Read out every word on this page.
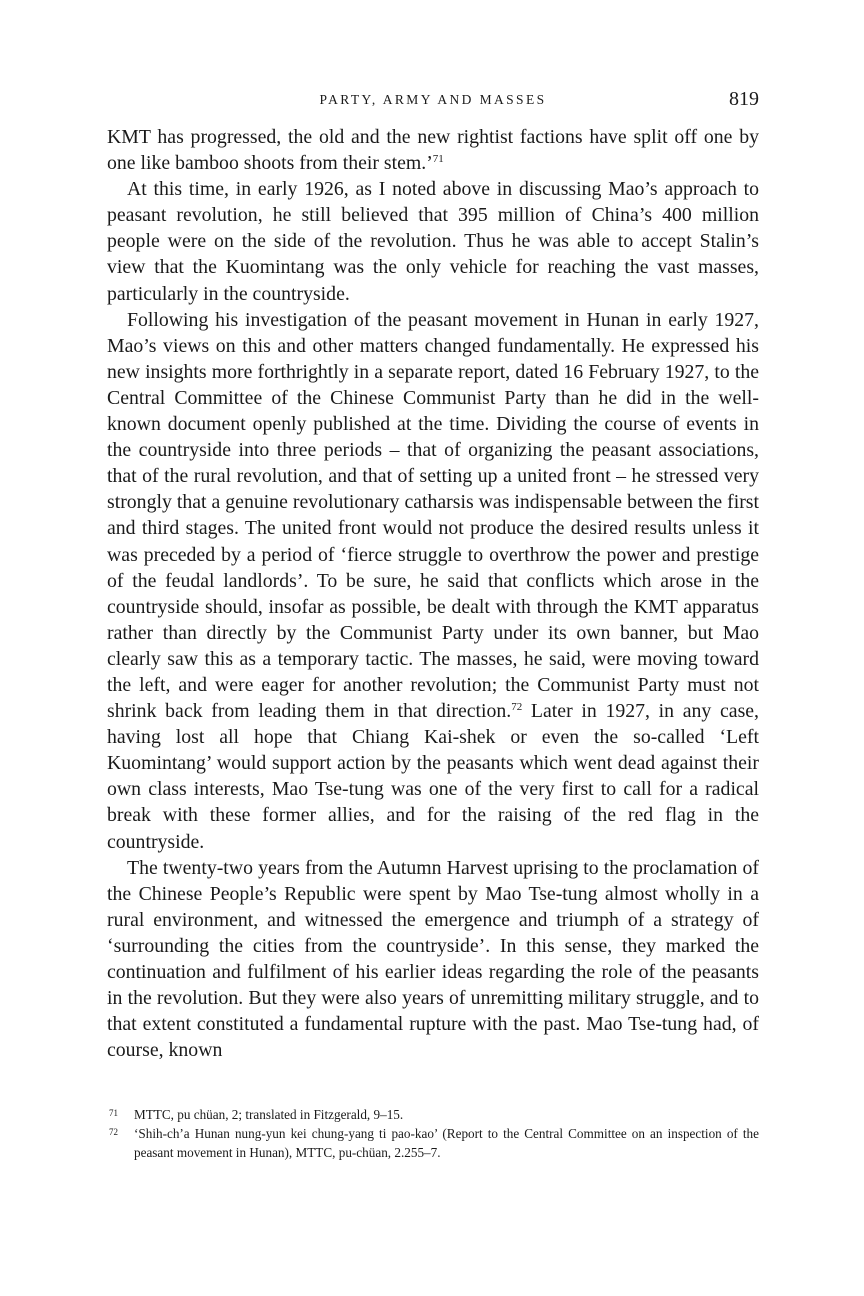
PARTY, ARMY AND MASSES	819

KMT has progressed, the old and the new rightist factions have split off one by one like bamboo shoots from their stem.’$^{71}$

At this time, in early 1926, as I noted above in discussing Mao’s approach to peasant revolution, he still believed that 395 million of China’s 400 million people were on the side of the revolution. Thus he was able to accept Stalin’s view that the Kuomintang was the only vehicle for reaching the vast masses, particularly in the countryside.

Following his investigation of the peasant movement in Hunan in early 1927, Mao’s views on this and other matters changed fundamentally. He expressed his new insights more forthrightly in a separate report, dated 16 February 1927, to the Central Committee of the Chinese Communist Party than he did in the well-known document openly published at the time. Dividing the course of events in the countryside into three periods – that of organizing the peasant associations, that of the rural revolution, and that of setting up a united front – he stressed very strongly that a genuine revolutionary catharsis was indispensable between the first and third stages. The united front would not produce the desired results unless it was preceded by a period of ‘fierce struggle to overthrow the power and prestige of the feudal landlords’. To be sure, he said that conflicts which arose in the countryside should, insofar as possible, be dealt with through the KMT apparatus rather than directly by the Communist Party under its own banner, but Mao clearly saw this as a temporary tactic. The masses, he said, were moving toward the left, and were eager for another revolution; the Communist Party must not shrink back from leading them in that direction.$^{72}$ Later in 1927, in any case, having lost all hope that Chiang Kai-shek or even the so-called ‘Left Kuomintang’ would support action by the peasants which went dead against their own class interests, Mao Tse-tung was one of the very first to call for a radical break with these former allies, and for the raising of the red flag in the countryside.

The twenty-two years from the Autumn Harvest uprising to the proclamation of the Chinese People’s Republic were spent by Mao Tse-tung almost wholly in a rural environment, and witnessed the emergence and triumph of a strategy of ‘surrounding the cities from the countryside’. In this sense, they marked the continuation and fulfilment of his earlier ideas regarding the role of the peasants in the revolution. But they were also years of unremitting military struggle, and to that extent constituted a fundamental rupture with the past. Mao Tse-tung had, of course, known

71 MTTC, pu chüan, 2; translated in Fitzgerald, 9–15.
72 ‘Shih-ch’a Hunan nung-yun kei chung-yang ti pao-kao’ (Report to the Central Committee on an inspection of the peasant movement in Hunan), MTTC, pu-chüan, 2.255–7.
